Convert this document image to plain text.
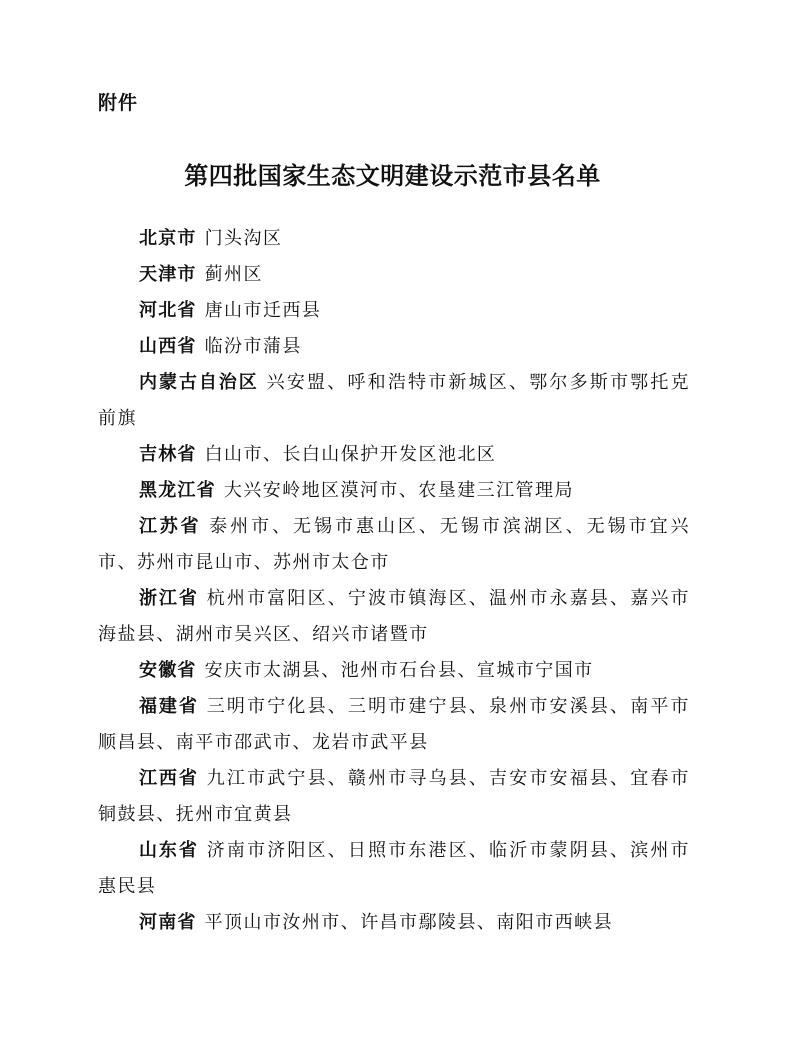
附件

第四批国家生态文明建设示范市县名单

北京市 门头沟区

天津市 蓟州区

河北省 唐山市迁西县

山西省 临汾市蒲县

内蒙古自治区 兴安盟、呼和浩特市新城区、鄂尔多斯市鄂托克前旗

吉林省 白山市、长白山保护开发区池北区

黑龙江省 大兴安岭地区漠河市、农垦建三江管理局

江苏省 泰州市、无锡市惠山区、无锡市滨湖区、无锡市宜兴市、苏州市昆山市、苏州市太仓市

浙江省 杭州市富阳区、宁波市镇海区、温州市永嘉县、嘉兴市海盐县、湖州市吴兴区、绍兴市诸暨市

安徽省 安庆市太湖县、池州市石台县、宣城市宁国市

福建省 三明市宁化县、三明市建宁县、泉州市安溪县、南平市顺昌县、南平市邵武市、龙岩市武平县

江西省 九江市武宁县、赣州市寻乌县、吉安市安福县、宜春市铜鼓县、抚州市宜黄县

山东省 济南市济阳区、日照市东港区、临沂市蒙阴县、滨州市惠民县

河南省 平顶山市汝州市、许昌市鄢陵县、南阳市西峡县
